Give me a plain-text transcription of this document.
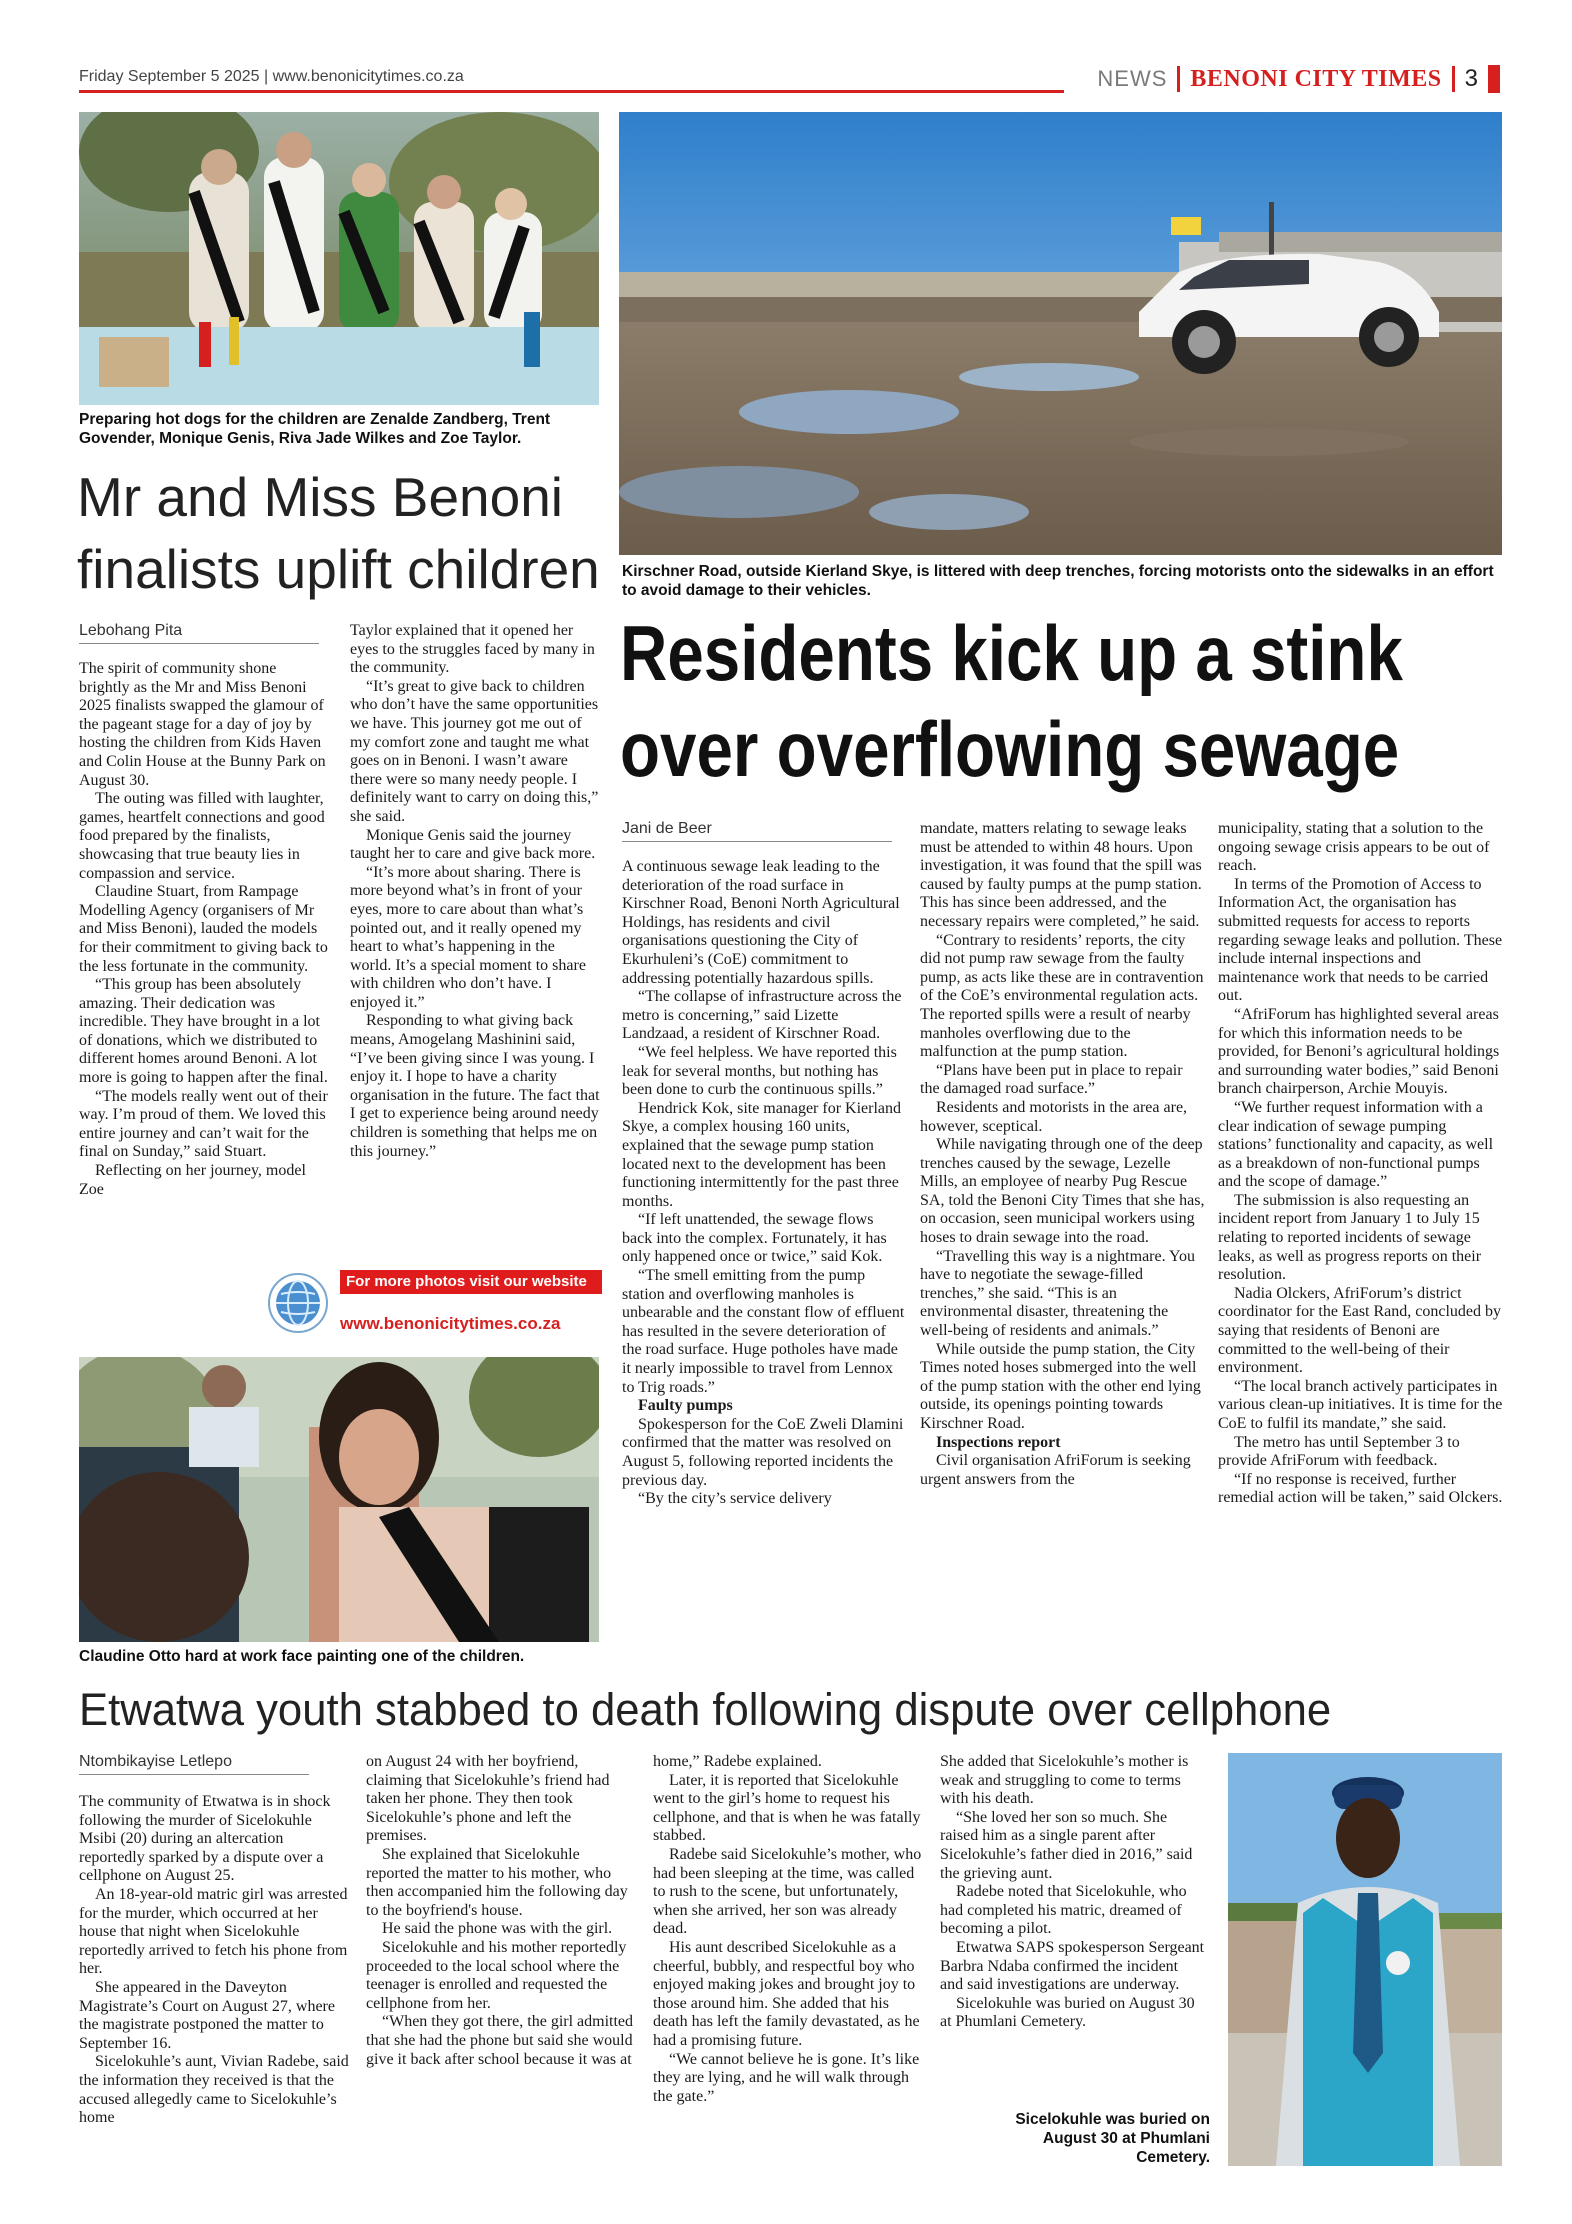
Friday September 5 2025 | www.benonicitytimes.co.za	NEWS BENONI CITY TIMES 3
Preparing hot dogs for the children are Zenalde Zandberg, Trent Govender, Monique Genis, Riva Jade Wilkes and Zoe Taylor.
Mr and Miss Benoni
finalists uplift children
Lebohang Pita

The spirit of community shone brightly as the Mr and Miss Benoni 2025 finalists swapped the glamour of the pageant stage for a day of joy by hosting the children from Kids Haven and Colin House at the Bunny Park on August 30.

The outing was filled with laughter, games, heartfelt connections and good food prepared by the finalists, showcasing that true beauty lies in compassion and service.

Claudine Stuart, from Rampage Modelling Agency (organisers of Mr and Miss Benoni), lauded the models for their commitment to giving back to the less fortunate in the community.

“This group has been absolutely amazing. Their dedication was incredible. They have brought in a lot of donations, which we distributed to different homes around Benoni. A lot more is going to happen after the final.

“The models really went out of their way. I’m proud of them. We loved this entire journey and can’t wait for the final on Sunday,” said Stuart.

Reflecting on her journey, model Zoe

Taylor explained that it opened her eyes to the struggles faced by many in the community.

“It’s great to give back to children who don’t have the same opportunities we have. This journey got me out of my comfort zone and taught me what goes on in Benoni. I wasn’t aware there were so many needy people. I definitely want to carry on doing this,” she said.

Monique Genis said the journey taught her to care and give back more.

“It’s more about sharing. There is more beyond what’s in front of your eyes, more to care about than what’s pointed out, and it really opened my heart to what’s happening in the world. It’s a special moment to share with children who don’t have. I enjoyed it.”

Responding to what giving back means, Amogelang Mashinini said, “I’ve been giving since I was young. I enjoy it. I hope to have a charity organisation in the future. The fact that I get to experience being around needy children is something that helps me on this journey.”

For more photos visit our website
www.benonicitytimes.co.za
Claudine Otto hard at work face painting one of the children.
Kirschner Road, outside Kierland Skye, is littered with deep trenches, forcing motorists onto the sidewalks in an effort to avoid damage to their vehicles.
Residents kick up a stink
over overflowing sewage
Jani de Beer

A continuous sewage leak leading to the deterioration of the road surface in Kirschner Road, Benoni North Agricultural Holdings, has residents and civil organisations questioning the City of Ekurhuleni’s (CoE) commitment to addressing potentially hazardous spills.

“The collapse of infrastructure across the metro is concerning,” said Lizette Landzaad, a resident of Kirschner Road.

“We feel helpless. We have reported this leak for several months, but nothing has been done to curb the continuous spills.”

Hendrick Kok, site manager for Kierland Skye, a complex housing 160 units, explained that the sewage pump station located next to the development has been functioning intermittently for the past three months.

“If left unattended, the sewage flows back into the complex. Fortunately, it has only happened once or twice,” said Kok.

“The smell emitting from the pump station and overflowing manholes is unbearable and the constant flow of effluent has resulted in the severe deterioration of the road surface. Huge potholes have made it nearly impossible to travel from Lennox to Trig roads.”

Faulty pumps

Spokesperson for the CoE Zweli Dlamini confirmed that the matter was resolved on August 5, following reported incidents the previous day.

“By the city’s service delivery

mandate, matters relating to sewage leaks must be attended to within 48 hours. Upon investigation, it was found that the spill was caused by faulty pumps at the pump station. This has since been addressed, and the necessary repairs were completed,” he said.

“Contrary to residents’ reports, the city did not pump raw sewage from the faulty pump, as acts like these are in contravention of the CoE’s environmental regulation acts. The reported spills were a result of nearby manholes overflowing due to the malfunction at the pump station.

“Plans have been put in place to repair the damaged road surface.”

Residents and motorists in the area are, however, sceptical.

While navigating through one of the deep trenches caused by the sewage, Lezelle Mills, an employee of nearby Pug Rescue SA, told the Benoni City Times that she has, on occasion, seen municipal workers using hoses to drain sewage into the road.

“Travelling this way is a nightmare. You have to negotiate the sewage-filled trenches,” she said. “This is an environmental disaster, threatening the well-being of residents and animals.”

While outside the pump station, the City Times noted hoses submerged into the well of the pump station with the other end lying outside, its openings pointing towards Kirschner Road.

Inspections report

Civil organisation AfriForum is seeking urgent answers from the

municipality, stating that a solution to the ongoing sewage crisis appears to be out of reach.

In terms of the Promotion of Access to Information Act, the organisation has submitted requests for access to reports regarding sewage leaks and pollution. These include internal inspections and maintenance work that needs to be carried out.

“AfriForum has highlighted several areas for which this information needs to be provided, for Benoni’s agricultural holdings and surrounding water bodies,” said Benoni branch chairperson, Archie Mouyis.

“We further request information with a clear indication of sewage pumping stations’ functionality and capacity, as well as a breakdown of non-functional pumps and the scope of damage.”

The submission is also requesting an incident report from January 1 to July 15 relating to reported incidents of sewage leaks, as well as progress reports on their resolution.

Nadia Olckers, AfriForum’s district coordinator for the East Rand, concluded by saying that residents of Benoni are committed to the well-being of their environment.

“The local branch actively participates in various clean-up initiatives. It is time for the CoE to fulfil its mandate,” she said.

The metro has until September 3 to provide AfriForum with feedback.

“If no response is received, further remedial action will be taken,” said Olckers.

Etwatwa youth stabbed to death following dispute over cellphone
Ntombikayise Letlepo

The community of Etwatwa is in shock following the murder of Sicelokuhle Msibi (20) during an altercation reportedly sparked by a dispute over a cellphone on August 25.

An 18-year-old matric girl was arrested for the murder, which occurred at her house that night when Sicelokuhle reportedly arrived to fetch his phone from her.

She appeared in the Daveyton Magistrate’s Court on August 27, where the magistrate postponed the matter to September 16.

Sicelokuhle’s aunt, Vivian Radebe, said the information they received is that the accused allegedly came to Sicelokuhle’s home

on August 24 with her boyfriend, claiming that Sicelokuhle’s friend had taken her phone. They then took Sicelokuhle’s phone and left the premises.

She explained that Sicelokuhle reported the matter to his mother, who then accompanied him the following day to the boyfriend's house.

He said the phone was with the girl.

Sicelokuhle and his mother reportedly proceeded to the local school where the teenager is enrolled and requested the cellphone from her.

“When they got there, the girl admitted that she had the phone but said she would give it back after school because it was at

home,” Radebe explained.

Later, it is reported that Sicelokuhle went to the girl’s home to request his cellphone, and that is when he was fatally stabbed.

Radebe said Sicelokuhle’s mother, who had been sleeping at the time, was called to rush to the scene, but unfortunately, when she arrived, her son was already dead.

His aunt described Sicelokuhle as a cheerful, bubbly, and respectful boy who enjoyed making jokes and brought joy to those around him. She added that his death has left the family devastated, as he had a promising future.

“We cannot believe he is gone. It’s like they are lying, and he will walk through the gate.”

She added that Sicelokuhle’s mother is weak and struggling to come to terms with his death.

“She loved her son so much. She raised him as a single parent after Sicelokuhle’s father died in 2016,” said the grieving aunt.

Radebe noted that Sicelokuhle, who had completed his matric, dreamed of becoming a pilot.

Etwatwa SAPS spokesperson Sergeant Barbra Ndaba confirmed the incident and said investigations are underway.

Sicelokuhle was buried on August 30 at Phumlani Cemetery.

Sicelokuhle was buried on August 30 at Phumlani Cemetery.
